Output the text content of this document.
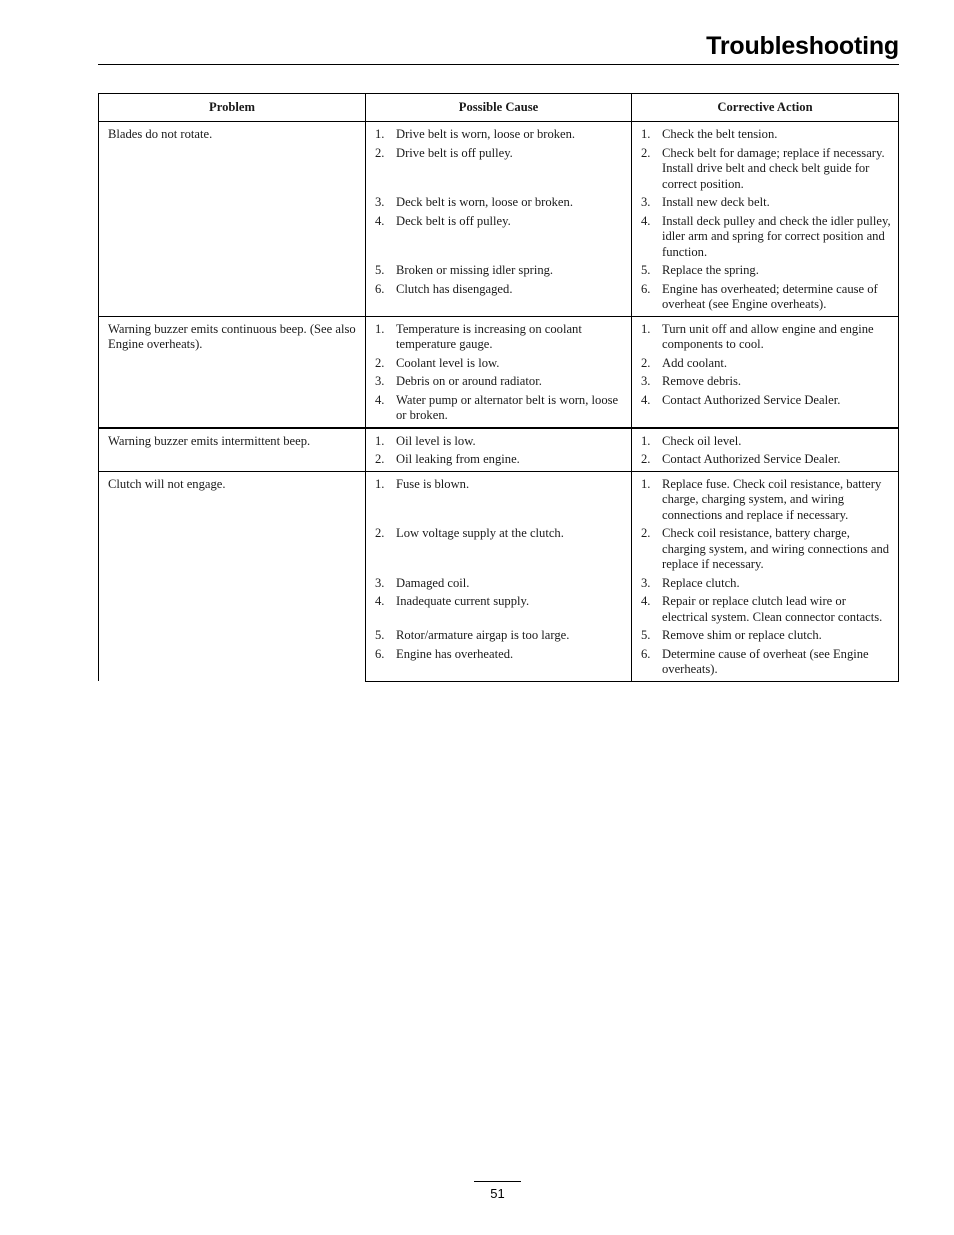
Troubleshooting
Problem	Possible Cause	Corrective Action
Blades do not rotate.	1. Drive belt is worn, loose or broken.	1. Check the belt tension.

	2. Drive belt is off pulley.	2. Check belt for damage; replace if necessary. Install drive belt and check belt guide for correct position.

	3. Deck belt is worn, loose or broken.	3. Install new deck belt.

	4. Deck belt is off pulley.	4. Install deck pulley and check the idler pulley, idler arm and spring for correct position and function.

	5. Broken or missing idler spring.	5. Replace the spring.

	6. Clutch has disengaged.	6. Engine has overheated; determine cause of overheat (see Engine overheats).

Warning buzzer emits continuous beep. (See also Engine overheats).	1. Temperature is increasing on coolant temperature gauge.	1. Turn unit off and allow engine and engine components to cool.

	2. Coolant level is low.	2. Add coolant.

	3. Debris on or around radiator.	3. Remove debris.

	4. Water pump or alternator belt is worn, loose or broken.	4. Contact Authorized Service Dealer.

Warning buzzer emits intermittent beep.	1. Oil level is low.	1. Check oil level.

	2. Oil leaking from engine.	2. Contact Authorized Service Dealer.

Clutch will not engage.	1. Fuse is blown.	1. Replace fuse. Check coil resistance, battery charge, charging system, and wiring connections and replace if necessary.

	2. Low voltage supply at the clutch.	2. Check coil resistance, battery charge, charging system, and wiring connections and replace if necessary.

	3. Damaged coil.	3. Replace clutch.

	4. Inadequate current supply.	4. Repair or replace clutch lead wire or electrical system. Clean connector contacts.

	5. Rotor/armature airgap is too large.	5. Remove shim or replace clutch.

	6. Engine has overheated.	6. Determine cause of overheat (see Engine overheats).
51
